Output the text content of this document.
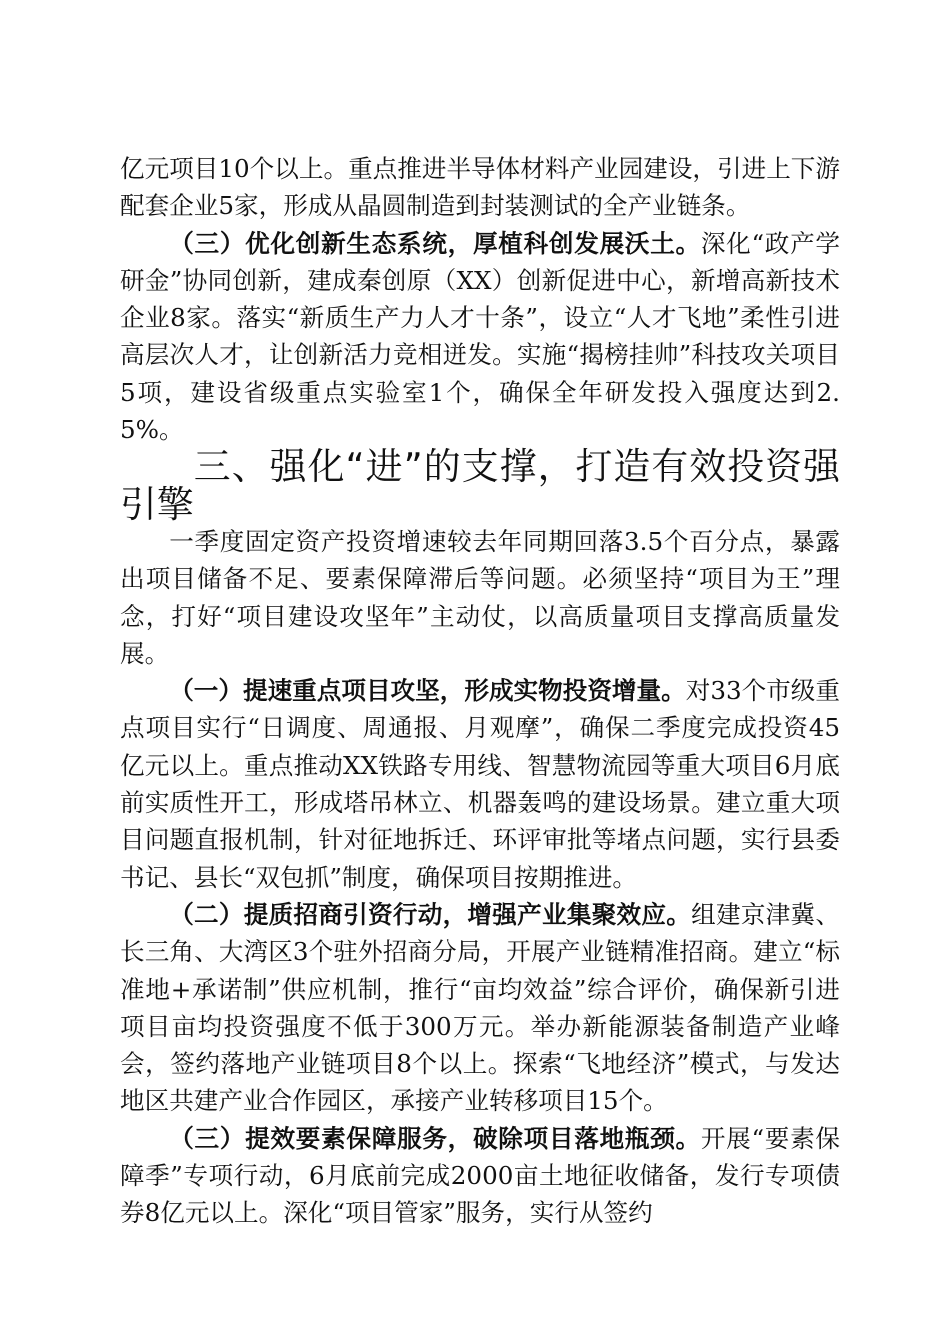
亿元项目10个以上。重点推进半导体材料产业园建设，引进上下游配套企业5家，形成从晶圆制造到封装测试的全产业链条。

（三）优化创新生态系统，厚植科创发展沃土。深化“政产学研金”协同创新，建成秦创原（XX）创新促进中心，新增高新技术企业8家。落实“新质生产力人才十条”，设立“人才飞地”柔性引进高层次人才，让创新活力竞相迸发。实施“揭榜挂帅”科技攻关项目5项，建设省级重点实验室1个，确保全年研发投入强度达到2.5%。

三、强化“进”的支撑，打造有效投资强引擎

一季度固定资产投资增速较去年同期回落3.5个百分点，暴露出项目储备不足、要素保障滞后等问题。必须坚持“项目为王”理念，打好“项目建设攻坚年”主动仗，以高质量项目支撑高质量发展。

（一）提速重点项目攻坚，形成实物投资增量。对33个市级重点项目实行“日调度、周通报、月观摩”，确保二季度完成投资45亿元以上。重点推动XX铁路专用线、智慧物流园等重大项目6月底前实质性开工，形成塔吊林立、机器轰鸣的建设场景。建立重大项目问题直报机制，针对征地拆迁、环评审批等堵点问题，实行县委书记、县长“双包抓”制度，确保项目按期推进。

（二）提质招商引资行动，增强产业集聚效应。组建京津冀、长三角、大湾区3个驻外招商分局，开展产业链精准招商。建立“标准地+承诺制”供应机制，推行“亩均效益”综合评价，确保新引进项目亩均投资强度不低于300万元。举办新能源装备制造产业峰会，签约落地产业链项目8个以上。探索“飞地经济”模式，与发达地区共建产业合作园区，承接产业转移项目15个。

（三）提效要素保障服务，破除项目落地瓶颈。开展“要素保障季”专项行动，6月底前完成2000亩土地征收储备，发行专项债券8亿元以上。深化“项目管家”服务，实行从签约
